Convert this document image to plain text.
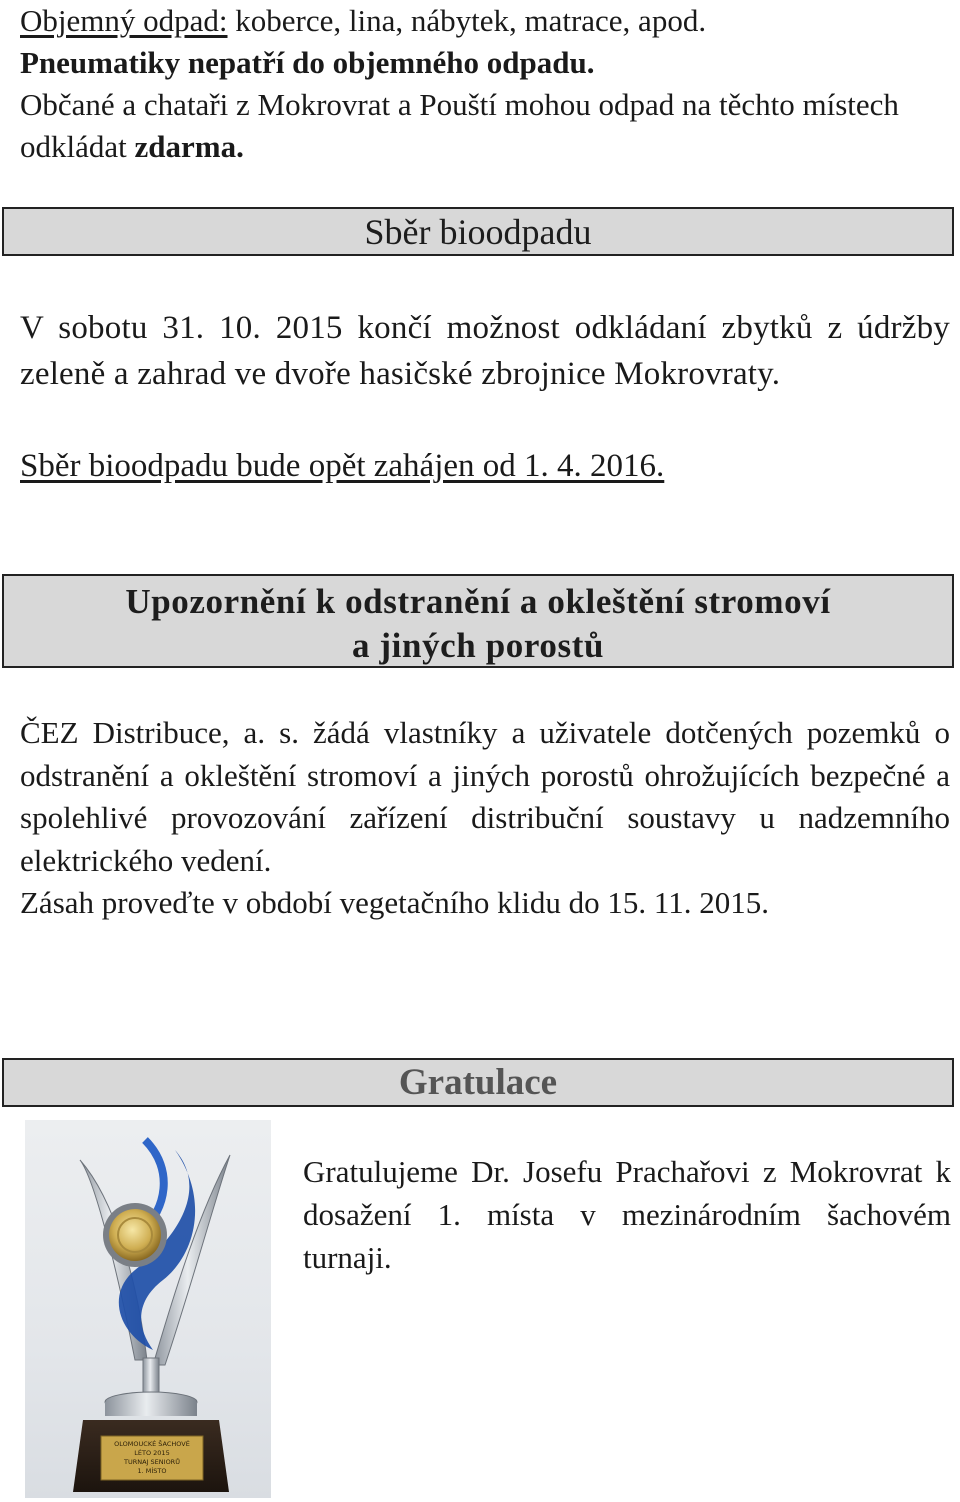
Objemný odpad: koberce, lina, nábytek, matrace, apod.
Pneumatiky nepatří do objemného odpadu.
Občané a chataři z Mokrovrat a Pouští mohou odpad na těchto místech odkládat zdarma.

Sběr bioodpadu

V sobotu 31. 10. 2015 končí možnost odkládaní zbytků z údržby zeleně a zahrad ve dvoře hasičské zbrojnice Mokrovraty.

Sběr bioodpadu bude opět zahájen od 1. 4. 2016.

Upozornění k odstranění a okleštění stromoví
a jiných porostů

ČEZ Distribuce, a. s. žádá vlastníky a uživatele dotčených pozemků o odstranění a okleštění stromoví a jiných porostů ohrožujících bezpečné a spolehlivé provozování zařízení distribuční soustavy u nadzemního elektrického vedení.

Zásah proveďte v období vegetačního klidu do 15. 11. 2015.

Gratulace
OLOMOUCKÉ ŠACHOVÉ
LÉTO 2015
TURNAJ SENIORŮ
1. MÍSTO

Gratulujeme Dr. Josefu Prachařovi z Mokrovrat k dosažení 1. místa v mezinárodním šachovém turnaji.
